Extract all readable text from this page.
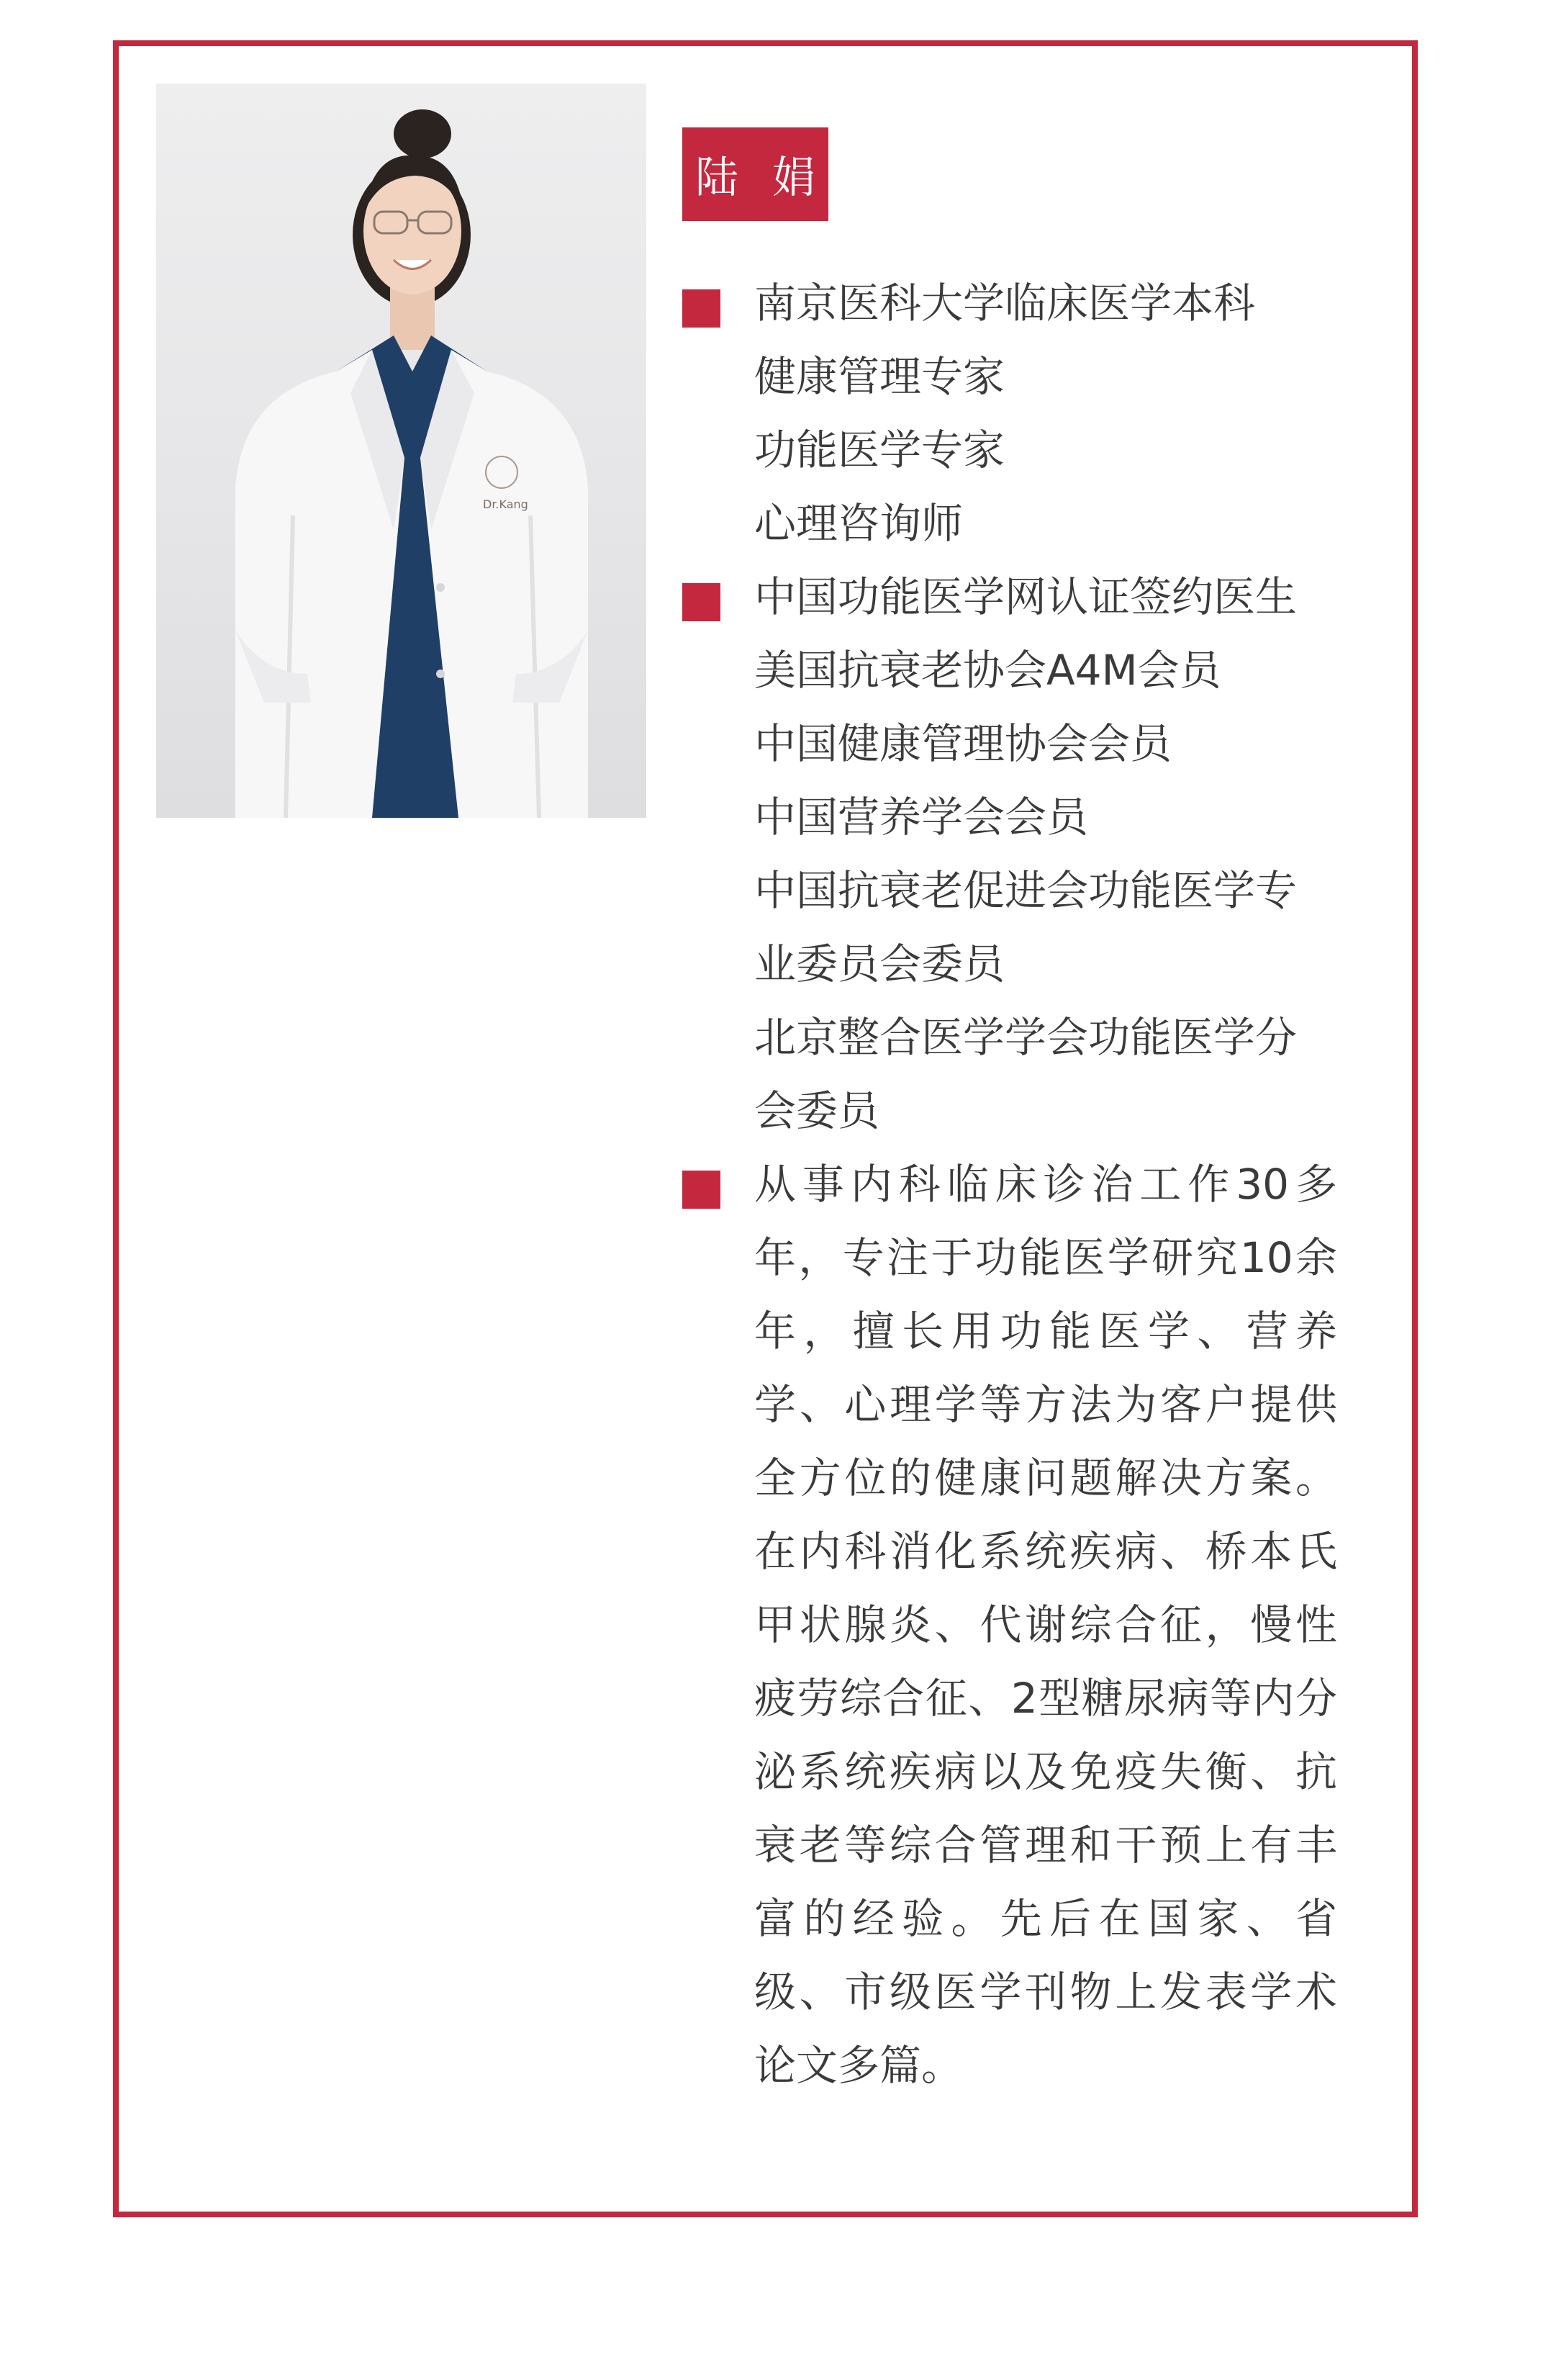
Dr.Kang
陆 娟
南京医科大学临床医学本科
健康管理专家
功能医学专家
心理咨询师
中国功能医学网认证签约医生
美国抗衰老协会A4M会员
中国健康管理协会会员
中国营养学会会员
中国抗衰老促进会功能医学专
业委员会委员
北京整合医学学会功能医学分
会委员
从事内科临床诊治工作30多
年，专注于功能医学研究10余
年，擅长用功能医学、营养
学、心理学等方法为客户提供
全方位的健康问题解决方案。
在内科消化系统疾病、桥本氏
甲状腺炎、代谢综合征，慢性
疲劳综合征、2型糖尿病等内分
泌系统疾病以及免疫失衡、抗
衰老等综合管理和干预上有丰
富的经验。先后在国家、省
级、市级医学刊物上发表学术
论文多篇。
